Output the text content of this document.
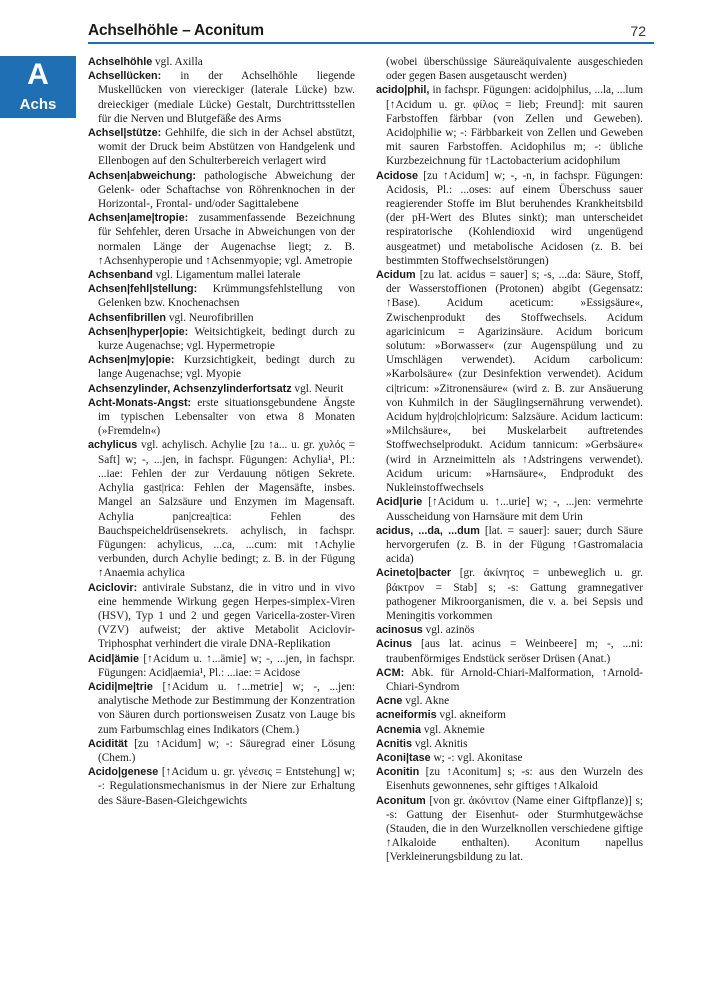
Achselhöhle – Aconitum	72
A
Achs
Achselhöhle vgl. Axilla
Achsellücken: in der Achselhöhle liegende Muskellücken von viereckiger (laterale Lücke) bzw. dreieckiger (mediale Lücke) Gestalt, Durchtrittsstellen für die Nerven und Blutgefäße des Arms
Achsel|stütze: Gehhilfe, die sich in der Achsel abstützt, womit der Druck beim Abstützen von Handgelenk und Ellenbogen auf den Schulterbereich verlagert wird
Achsen|abweichung: pathologische Abweichung der Gelenk- oder Schaftachse von Röhrenknochen in der Horizontal-, Frontal- und/oder Sagittalebene
Achsen|ame|tropie: zusammenfassende Bezeichnung für Sehfehler, deren Ursache in Abweichungen von der normalen Länge der Augenachse liegt; z. B. ↑Achsenhyperopie und ↑Achsenmyopie; vgl. Ametropie
Achsenband vgl. Ligamentum mallei laterale
Achsen|fehl|stellung: Krümmungsfehlstellung von Gelenken bzw. Knochenachsen
Achsenfibrillen vgl. Neurofibrillen
Achsen|hyper|opie: Weitsichtigkeit, bedingt durch zu kurze Augenachse; vgl. Hypermetropie
Achsen|my|opie: Kurzsichtigkeit, bedingt durch zu lange Augenachse; vgl. Myopie
Achsenzylinder, Achsenzylinderfortsatz vgl. Neurit
Acht-Monats-Angst: erste situationsgebundene Ängste im typischen Lebensalter von etwa 8 Monaten (»Fremdeln«)
achylicus vgl. achylisch. Achylie [zu ↑a... u. gr. χυλός = Saft] w; -, ...jen, in fachspr. Fügungen: Achylia¹, Pl.: ...iae: Fehlen der zur Verdauung nötigen Sekrete. Achylia gast|rica: Fehlen der Magensäfte, insbes. Mangel an Salzsäure und Enzymen im Magensaft. Achylia pan|crea|tica: Fehlen des Bauchspeicheldrüsensekrets. achylisch, in fachspr. Fügungen: achylicus, ...ca, ...cum: mit ↑Achylie verbunden, durch Achylie bedingt; z. B. in der Fügung ↑Anaemia achylica
Aciclovir: antivirale Substanz, die in vitro und in vivo eine hemmende Wirkung gegen Herpes-simplex-Viren (HSV), Typ 1 und 2 und gegen Varicella-zoster-Viren (VZV) aufweist; der aktive Metabolit Aciclovir-Triphosphat verhindert die virale DNA-Replikation
Acid|ämie [↑Acidum u. ↑...ämie] w; -, ...jen, in fachspr. Fügungen: Acid|aemia¹, Pl.: ...iae: = Acidose
Acidi|me|trie [↑Acidum u. ↑...metrie] w; -, ...jen: analytische Methode zur Bestimmung der Konzentration von Säuren durch portionsweisen Zusatz von Lauge bis zum Farbumschlag eines Indikators (Chem.)
Acidität [zu ↑Acidum] w; -: Säuregrad einer Lösung (Chem.)
Acido|genese [↑Acidum u. gr. γένεσις = Entstehung] w; -: Regulationsmechanismus in der Niere zur Erhaltung des Säure-Basen-Gleichgewichts
(wobei überschüssige Säureäquivalente ausgeschieden oder gegen Basen ausgetauscht werden)
acido|phil, in fachspr. Fügungen: acido|philus, ...la, ...lum [↑Acidum u. gr. φίλος = lieb; Freund]: mit sauren Farbstoffen färbbar (von Zellen und Geweben). Acido|philie w; -: Färbbarkeit von Zellen und Geweben mit sauren Farbstoffen. Acidophilus m; -: übliche Kurzbezeichnung für ↑Lactobacterium acidophilum
Acidose [zu ↑Acidum] w; -, -n, in fachspr. Fügungen: Acidosis, Pl.: ...oses: auf einem Überschuss sauer reagierender Stoffe im Blut beruhendes Krankheitsbild (der pH-Wert des Blutes sinkt); man unterscheidet respiratorische (Kohlendioxid wird ungenügend ausgeatmet) und metabolische Acidosen (z. B. bei bestimmten Stoffwechselstörungen)
Acidum [zu lat. acidus = sauer] s; -s, ...da: Säure, Stoff, der Wasserstoffionen (Protonen) abgibt (Gegensatz: ↑Base). Acidum aceticum: »Essigsäure«, Zwischenprodukt des Stoffwechsels. Acidum agaricinicum = Agarizinsäure. Acidum boricum solutum: »Borwasser« (zur Augenspülung und zu Umschlägen verwendet). Acidum carbolicum: »Karbolsäure« (zur Desinfektion verwendet). Acidum ci|tricum: »Zitronensäure« (wird z. B. zur Ansäuerung von Kuhmilch in der Säuglingsernährung verwendet). Acidum hy|dro|chlo|ricum: Salzsäure. Acidum lacticum: »Milchsäure«, bei Muskelarbeit auftretendes Stoffwechselprodukt. Acidum tannicum: »Gerbsäure« (wird in Arzneimitteln als ↑Adstringens verwendet). Acidum uricum: »Harnsäure«, Endprodukt des Nukleinstoffwechsels
Acid|urie [↑Acidum u. ↑...urie] w; -, ...jen: vermehrte Ausscheidung von Harnsäure mit dem Urin
acidus, ...da, ...dum [lat. = sauer]: sauer; durch Säure hervorgerufen (z. B. in der Fügung ↑Gastromalacia acida)
Acineto|bacter [gr. ἀκίνητος = unbeweglich u. gr. βάκτρον = Stab] s; -s: Gattung gramnegativer pathogener Mikroorganismen, die v. a. bei Sepsis und Meningitis vorkommen
acinosus vgl. azinös
Acinus [aus lat. acinus = Weinbeere] m; -, ...ni: traubenförmiges Endstück seröser Drüsen (Anat.)
ACM: Abk. für Arnold-Chiari-Malformation, ↑Arnold-Chiari-Syndrom
Acne vgl. Akne
acneiformis vgl. akneiform
Acnemia vgl. Aknemie
Acnitis vgl. Aknitis
Aconi|tase w; -: vgl. Akonitase
Aconitin [zu ↑Aconitum] s; -s: aus den Wurzeln des Eisenhuts gewonnenes, sehr giftiges ↑Alkaloid
Aconitum [von gr. ἀκόνιτον (Name einer Giftpflanze)] s; -s: Gattung der Eisenhut- oder Sturmhutgewächse (Stauden, die in den Wurzelknollen verschiedene giftige ↑Alkaloide enthalten). Aconitum napellus [Verkleinerungsbildung zu lat.
